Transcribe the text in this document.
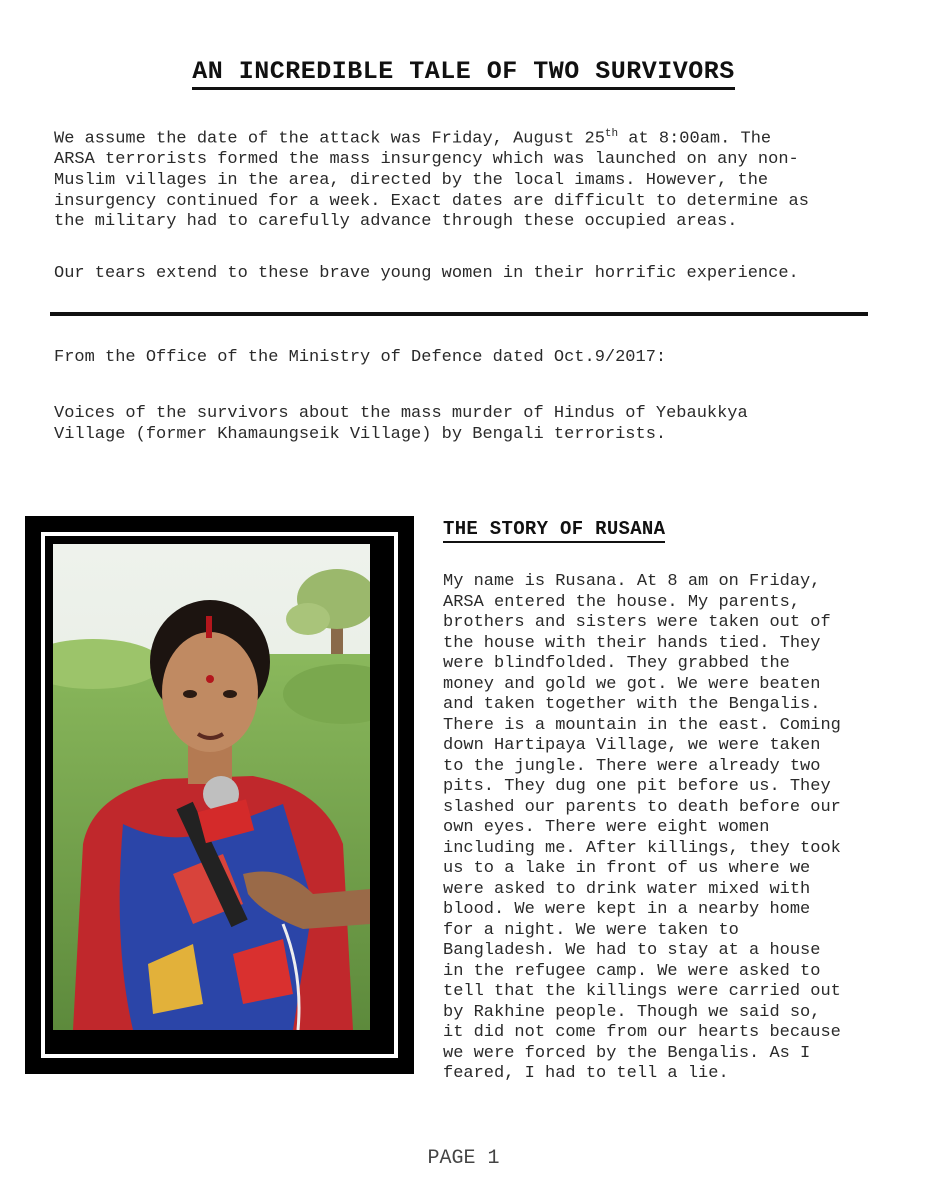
AN INCREDIBLE TALE OF TWO SURVIVORS
We assume the date of the attack was Friday, August 25th at 8:00am. The
ARSA terrorists formed the mass insurgency which was launched on any non-
Muslim villages in the area, directed by the local imams. However, the
insurgency continued for a week. Exact dates are difficult to determine as
the military had to carefully advance through these occupied areas.
Our tears extend to these brave young women in their horrific experience.
From the Office of the Ministry of Defence dated Oct.9/2017:
Voices of the survivors about the mass murder of Hindus of Yebaukkya
Village (former Khamaungseik Village) by Bengali terrorists.
THE STORY OF RUSANA
My name is Rusana. At 8 am on Friday,
ARSA entered the house. My parents,
brothers and sisters were taken out of
the house with their hands tied. They
were blindfolded. They grabbed the
money and gold we got. We were beaten
and taken together with the Bengalis.
There is a mountain in the east. Coming
down Hartipaya Village, we were taken
to the jungle. There were already two
pits. They dug one pit before us. They
slashed our parents to death before our
own eyes. There were eight women
including me. After killings, they took
us to a lake in front of us where we
were asked to drink water mixed with
blood. We were kept in a nearby home
for a night. We were taken to
Bangladesh. We had to stay at a house
in the refugee camp. We were asked to
tell that the killings were carried out
by Rakhine people. Though we said so,
it did not come from our hearts because
we were forced by the Bengalis. As I
feared, I had to tell a lie.
PAGE 1
